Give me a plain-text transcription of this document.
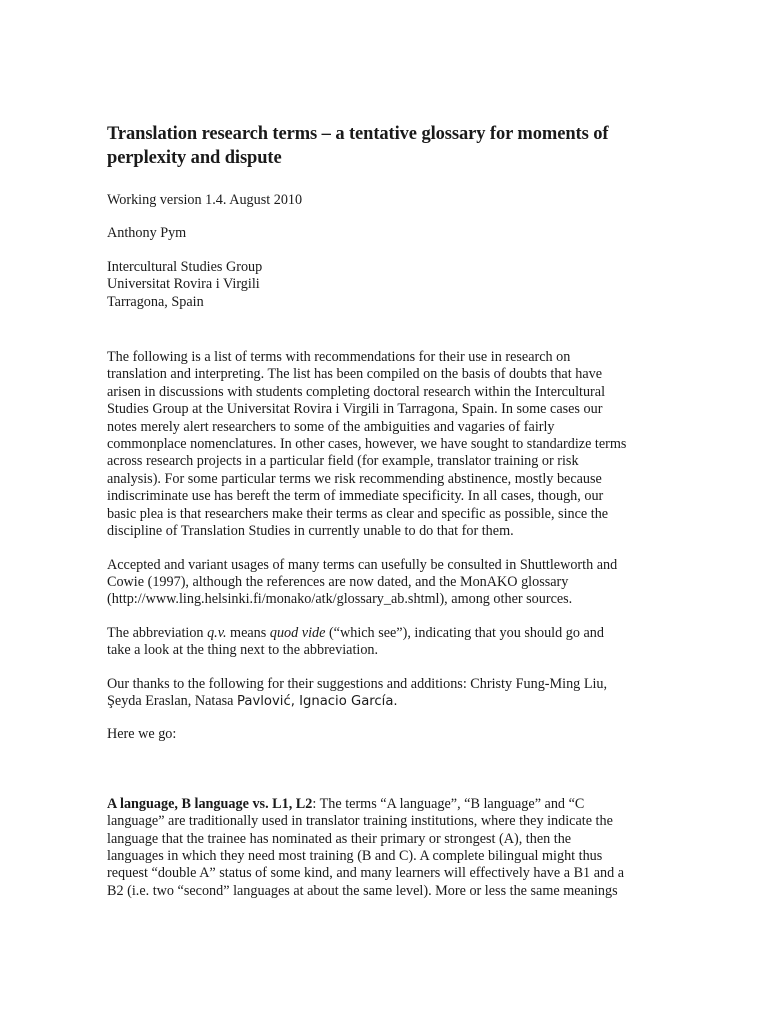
Translation research terms – a tentative glossary for moments of
perplexity and dispute

Working version 1.4. August 2010

Anthony Pym

Intercultural Studies Group
Universitat Rovira i Virgili
Tarragona, Spain
The following is a list of terms with recommendations for their use in research on
translation and interpreting. The list has been compiled on the basis of doubts that have
arisen in discussions with students completing doctoral research within the Intercultural
Studies Group at the Universitat Rovira i Virgili in Tarragona, Spain. In some cases our
notes merely alert researchers to some of the ambiguities and vagaries of fairly
commonplace nomenclatures. In other cases, however, we have sought to standardize terms
across research projects in a particular field (for example, translator training or risk
analysis). For some particular terms we risk recommending abstinence, mostly because
indiscriminate use has bereft the term of immediate specificity. In all cases, though, our
basic plea is that researchers make their terms as clear and specific as possible, since the
discipline of Translation Studies in currently unable to do that for them.
Accepted and variant usages of many terms can usefully be consulted in Shuttleworth and
Cowie (1997), although the references are now dated, and the MonAKO glossary
(http://www.ling.helsinki.fi/monako/atk/glossary_ab.shtml), among other sources.
The abbreviation q.v. means quod vide (“which see”), indicating that you should go and
take a look at the thing next to the abbreviation.
Our thanks to the following for their suggestions and additions: Christy Fung-Ming Liu,
Şeyda Eraslan, Natasa Pavlović, Ignacio García.

Here we go:

A language, B language vs. L1, L2: The terms “A language”, “B language” and “C
language” are traditionally used in translator training institutions, where they indicate the
language that the trainee has nominated as their primary or strongest (A), then the
languages in which they need most training (B and C). A complete bilingual might thus
request “double A” status of some kind, and many learners will effectively have a B1 and a
B2 (i.e. two “second” languages at about the same level). More or less the same meanings
